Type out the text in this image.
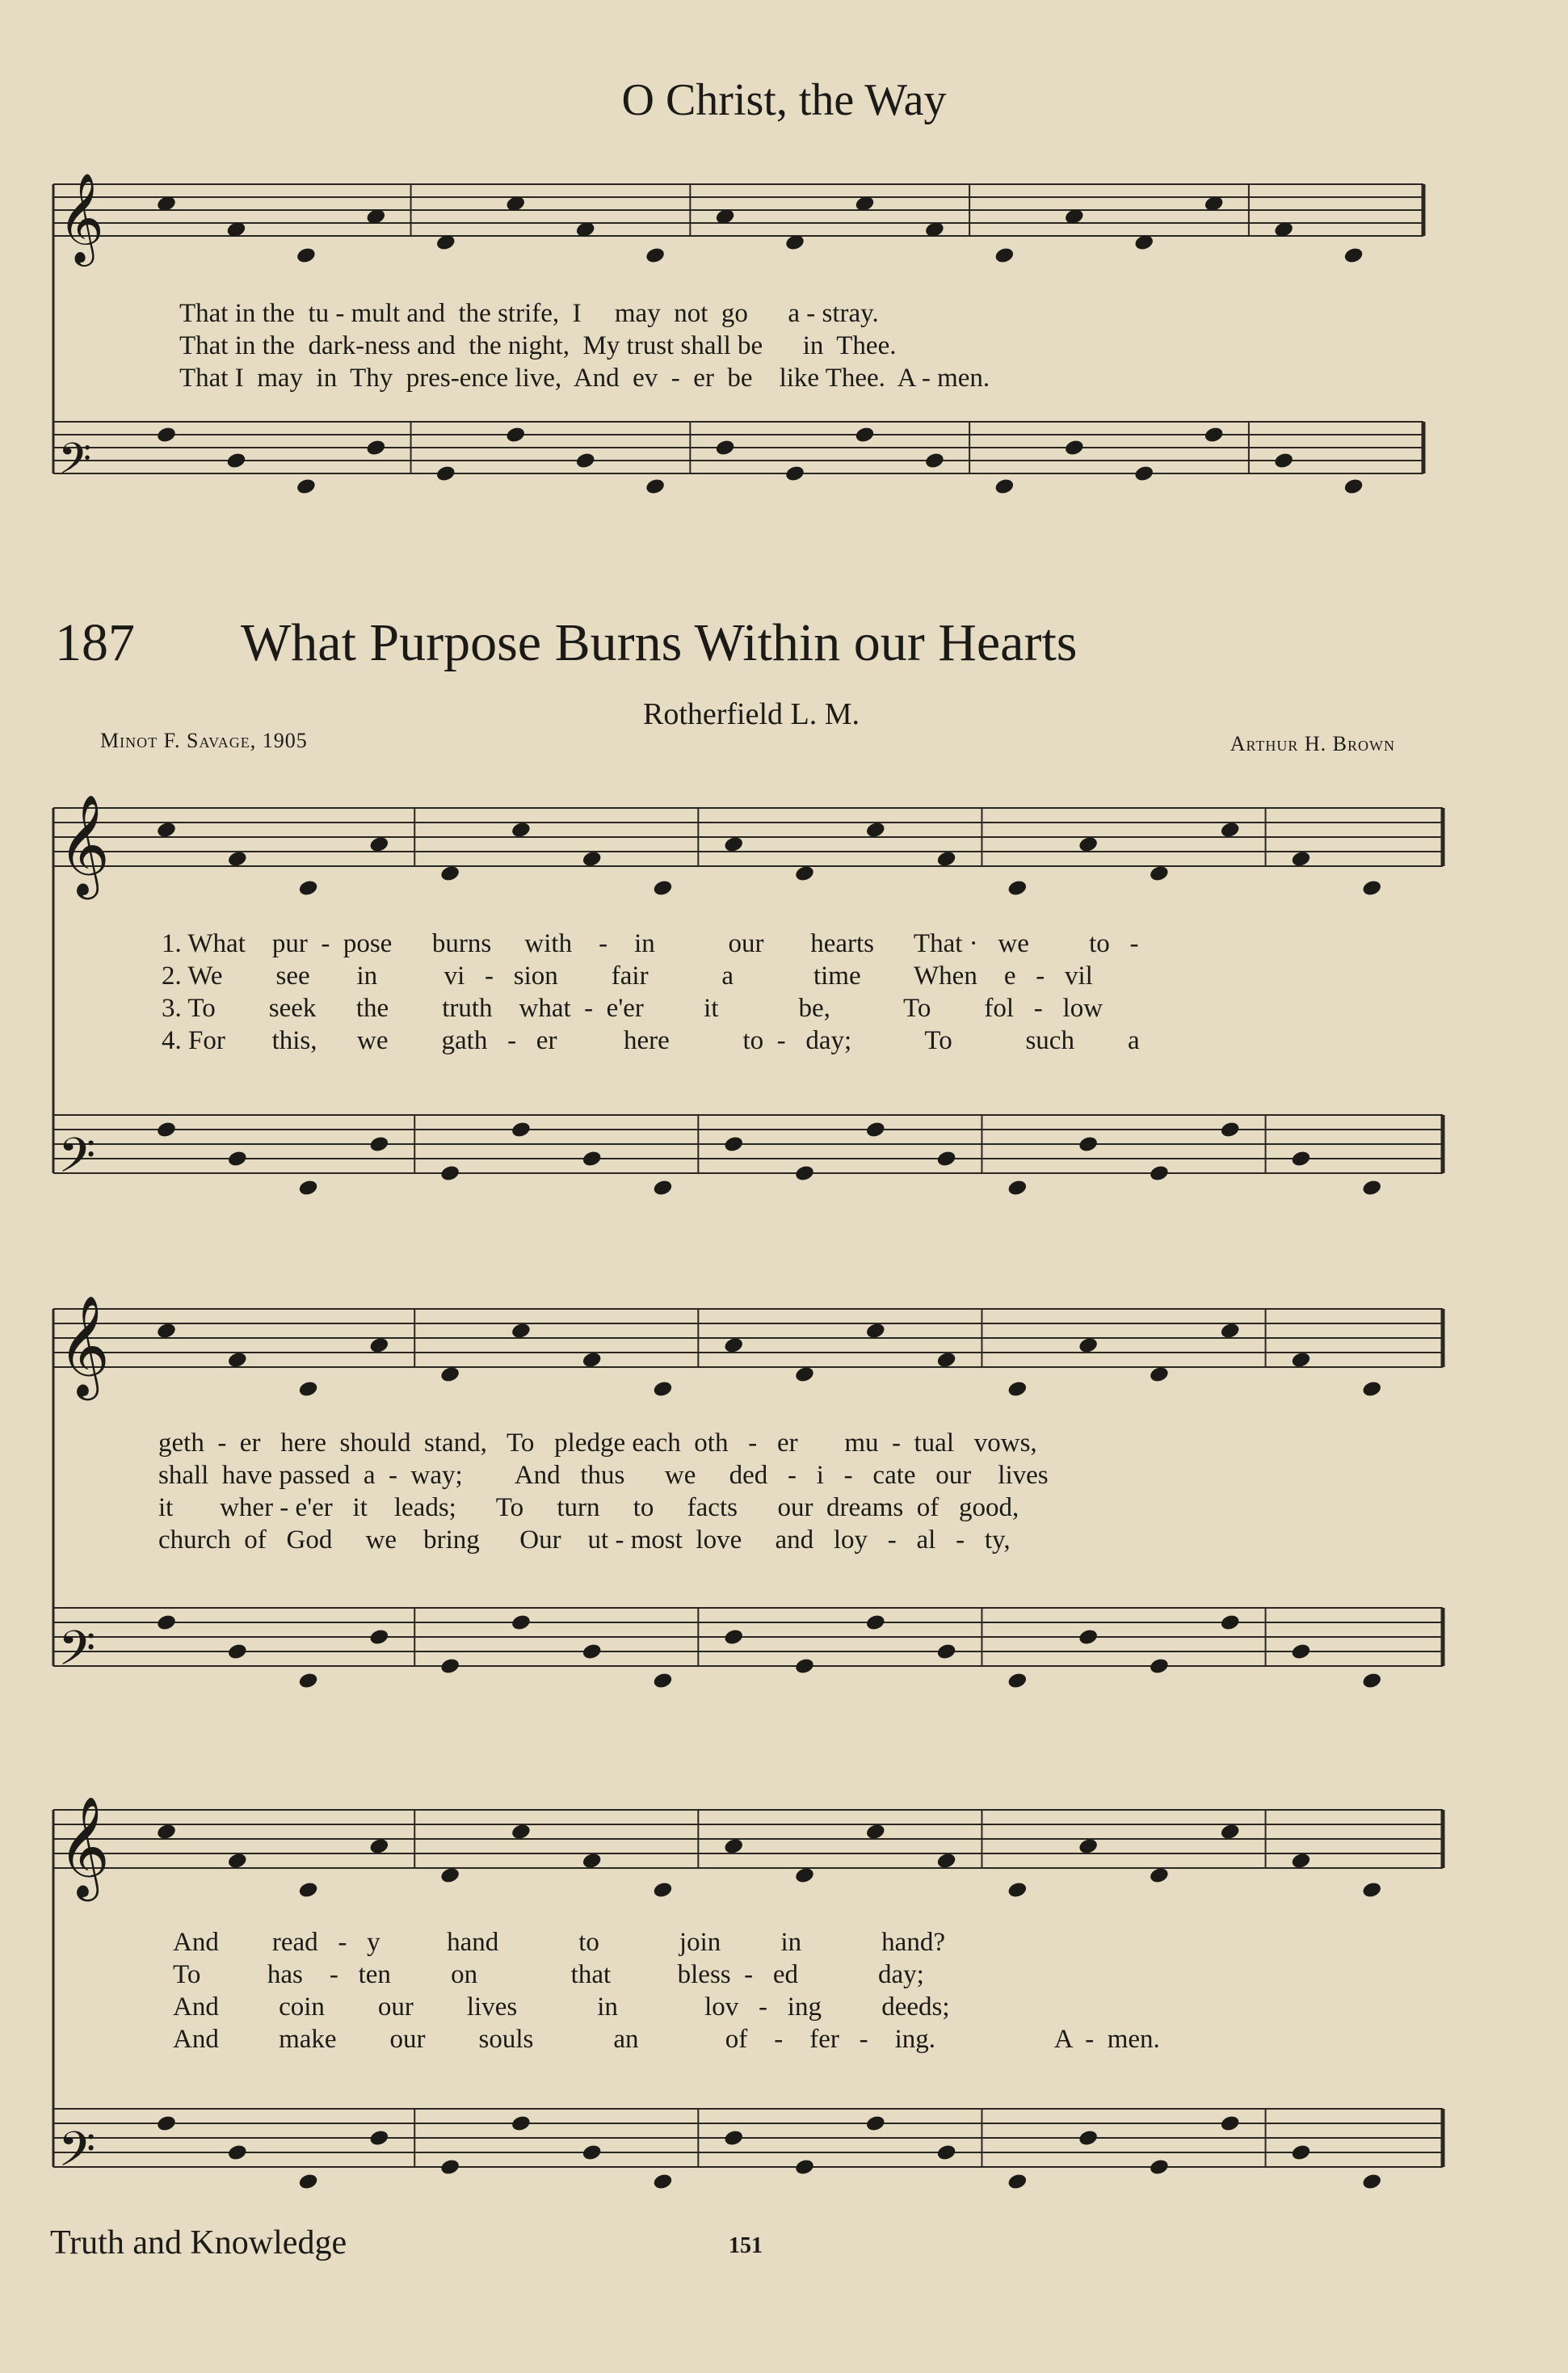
𝄞
𝄢
𝄞
𝄢
𝄞
𝄢
𝄞
𝄢
O Christ, the Way
That in the  tu - mult and  the strife,  I     may  not  go      a - stray.
That in the  dark-ness and  the night,  My trust shall be      in  Thee.
That I  may  in  Thy  pres-ence live,  And  ev  -  er  be    like Thee.  A - men.
187 What Purpose Burns Within our Hearts
Rotherfield L. M.
Minot F. Savage, 1905	Arthur H. Brown
1. What    pur  -  pose      burns     with    -    in           our       hearts      That ·   we         to   -
2. We        see       in          vi   -   sion        fair           a            time        When    e   -   vil
3. To        seek      the        truth    what  -  e'er         it            be,           To        fol   -   low
4. For       this,      we        gath   -   er          here           to  -   day;           To           such        a
geth  -  er   here  should  stand,   To   pledge each  oth   -   er       mu  -  tual   vows,
shall  have passed  a  -  way;        And   thus      we     ded   -   i   -   cate   our    lives
it       wher - e'er   it    leads;      To     turn     to     facts      our  dreams  of   good,
church  of   God     we    bring      Our    ut - most  love     and   loy   -   al   -   ty,
And        read   -   y          hand            to            join         in            hand?
To          has    -   ten         on              that          bless  -   ed            day;
And         coin        our        lives            in             lov   -   ing         deeds;
And         make        our        souls            an             of    -    fer   -    ing.                  A  -  men.
Truth and Knowledge	151
